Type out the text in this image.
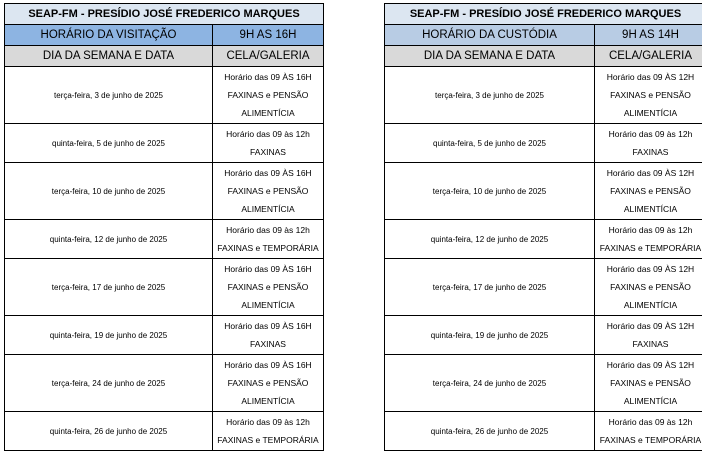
SEAP-FM - PRESÍDIO JOSÉ FREDERICO MARQUES	
HORÁRIO DA VISITAÇÃO	9H AS 16H
DIA DA SEMANA E DATA	CELA/GALERIA
terça-feira, 3 de junho de 2025	Horário das 09 ÀS 16H
FAXINAS e PENSÃO
ALIMENTÍCIA

quinta-feira, 5 de junho de 2025	Horário das 09 às 12h
FAXINAS

terça-feira, 10 de junho de 2025	Horário das 09 ÀS 16H
FAXINAS e PENSÃO
ALIMENTÍCIA

quinta-feira, 12 de junho de 2025	Horário das 09 às 12h
FAXINAS e TEMPORÁRIA

terça-feira, 17 de junho de 2025	Horário das 09 ÀS 16H
FAXINAS e PENSÃO
ALIMENTÍCIA

quinta-feira, 19 de junho de 2025	Horário das 09 ÀS 16H
FAXINAS

terça-feira, 24 de junho de 2025	Horário das 09 ÀS 16H
FAXINAS e PENSÃO
ALIMENTÍCIA

quinta-feira, 26 de junho de 2025	Horário das 09 às 12h
FAXINAS e TEMPORÁRIA
SEAP-FM - PRESÍDIO JOSÉ FREDERICO MARQUES	
HORÁRIO DA CUSTÓDIA	9H AS 14H
DIA DA SEMANA E DATA	CELA/GALERIA
terça-feira, 3 de junho de 2025	Horário das 09 ÀS 12H
FAXINAS e PENSÃO
ALIMENTÍCIA

quinta-feira, 5 de junho de 2025	Horário das 09 às 12h
FAXINAS

terça-feira, 10 de junho de 2025	Horário das 09 ÀS 12H
FAXINAS e PENSÃO
ALIMENTÍCIA

quinta-feira, 12 de junho de 2025	Horário das 09 às 12h
FAXINAS e TEMPORÁRIA

terça-feira, 17 de junho de 2025	Horário das 09 ÀS 12H
FAXINAS e PENSÃO
ALIMENTÍCIA

quinta-feira, 19 de junho de 2025	Horário das 09 ÀS 12H
FAXINAS

terça-feira, 24 de junho de 2025	Horário das 09 ÀS 12H
FAXINAS e PENSÃO
ALIMENTÍCIA

quinta-feira, 26 de junho de 2025	Horário das 09 às 12h
FAXINAS e TEMPORÁRIA
